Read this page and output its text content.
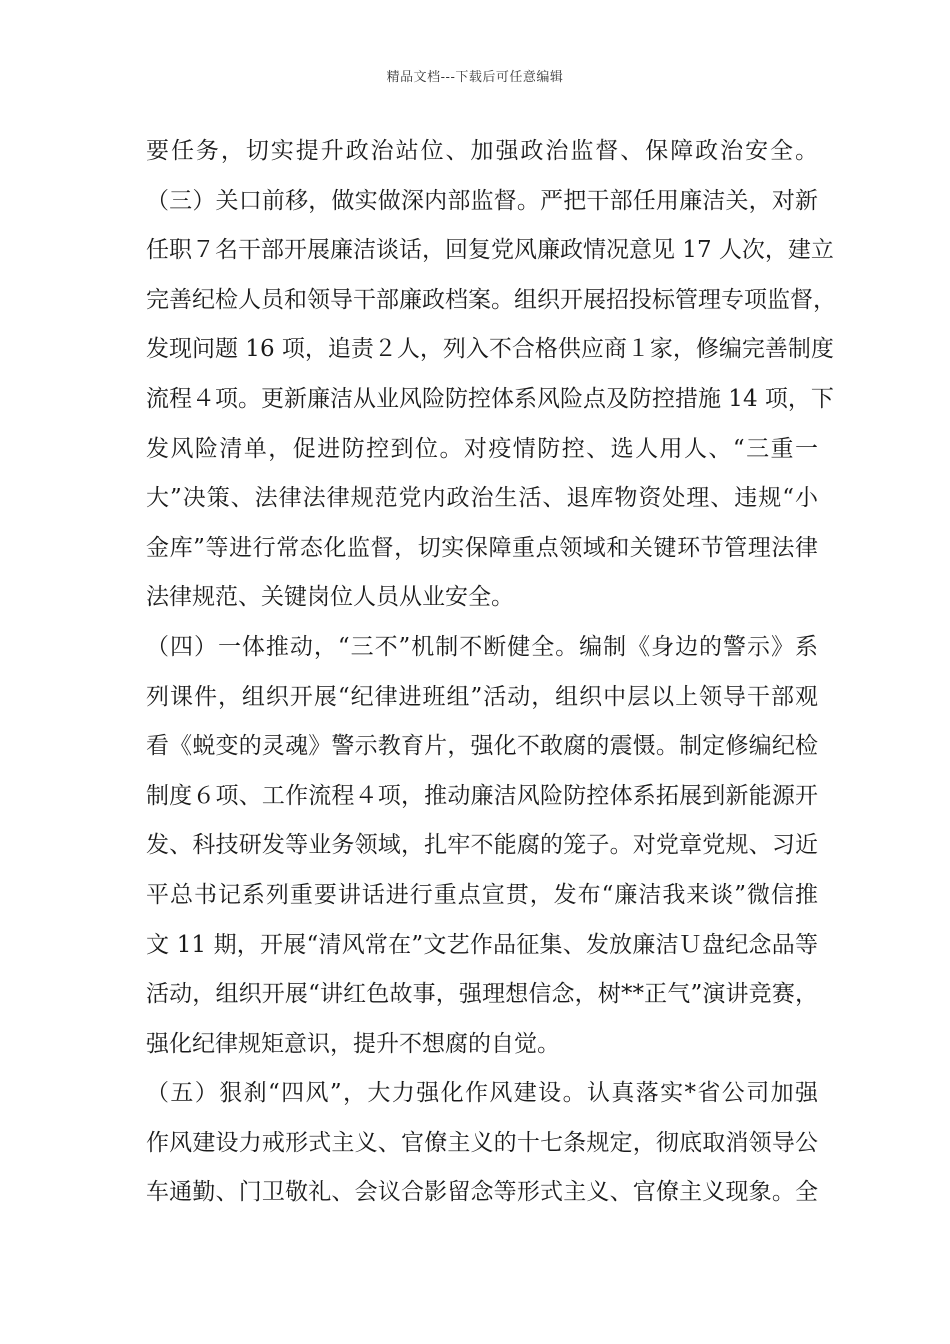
精品文档---下载后可任意编辑
要任务，切实提升政治站位、加强政治监督、保障政治安全。
（三）关口前移，做实做深内部监督。严把干部任用廉洁关，对新
任职７名干部开展廉洁谈话，回复党风廉政情况意见 17 人次，建立
完善纪检人员和领导干部廉政档案。组织开展招投标管理专项监督，
发现问题 16 项，追责２人，列入不合格供应商１家，修编完善制度
流程４项。更新廉洁从业风险防控体系风险点及防控措施 14 项，下
发风险清单，促进防控到位。对疫情防控、选人用人、“三重一
大”决策、法律法律规范党内政治生活、退库物资处理、违规“小
金库”等进行常态化监督，切实保障重点领域和关键环节管理法律
法律规范、关键岗位人员从业安全。
（四）一体推动，“三不”机制不断健全。编制《身边的警示》系
列课件，组织开展“纪律进班组”活动，组织中层以上领导干部观
看《蜕变的灵魂》警示教育片，强化不敢腐的震慑。制定修编纪检
制度６项、工作流程４项，推动廉洁风险防控体系拓展到新能源开
发、科技研发等业务领域，扎牢不能腐的笼子。对党章党规、习近
平总书记系列重要讲话进行重点宣贯，发布“廉洁我来谈”微信推
文 11 期，开展“清风常在”文艺作品征集、发放廉洁Ｕ盘纪念品等
活动，组织开展“讲红色故事，强理想信念，树**正气”演讲竞赛，
强化纪律规矩意识，提升不想腐的自觉。
（五）狠刹“四风”，大力强化作风建设。认真落实*省公司加强
作风建设力戒形式主义、官僚主义的十七条规定，彻底取消领导公
车通勤、门卫敬礼、会议合影留念等形式主义、官僚主义现象。全
